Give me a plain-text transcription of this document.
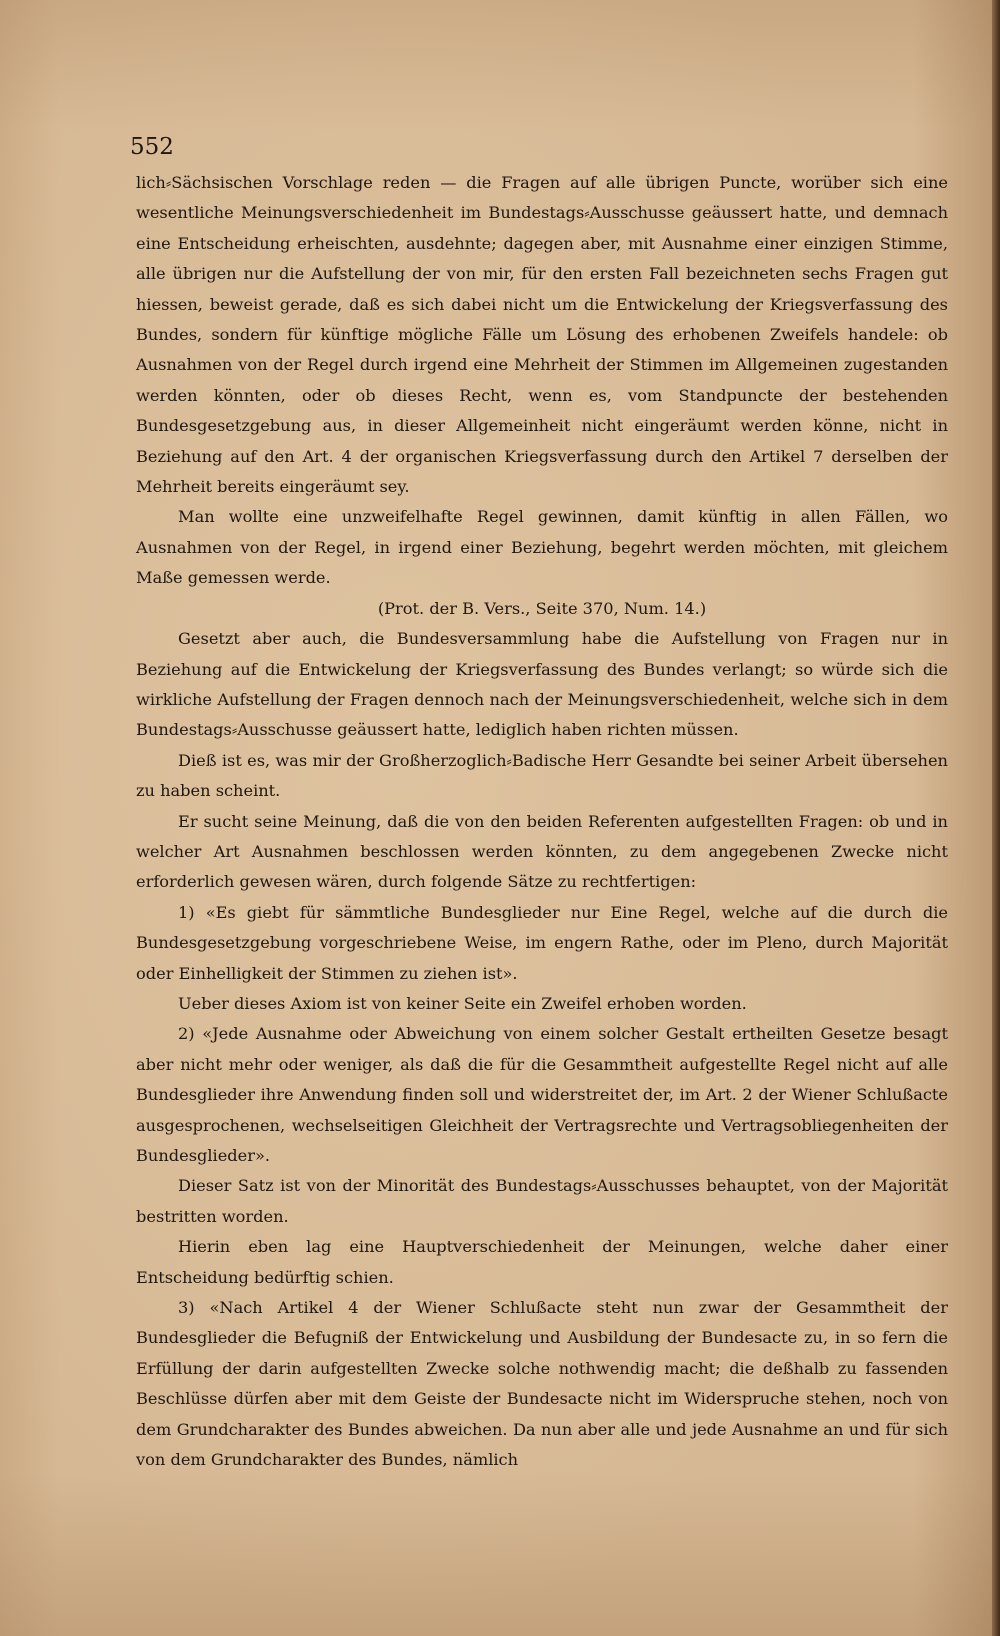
552

lich⸗Sächsischen Vorschlage reden — die Fragen auf alle übrigen Puncte, worüber sich eine wesentliche Meinungsverschiedenheit im Bundestags⸗Ausschusse geäussert hatte, und demnach eine Entscheidung erheischten, ausdehnte; dagegen aber, mit Ausnahme einer einzigen Stimme, alle übrigen nur die Aufstellung der von mir, für den ersten Fall bezeichneten sechs Fragen gut hiessen, beweist gerade, daß es sich dabei nicht um die Entwickelung der Kriegsverfassung des Bundes, sondern für künftige mögliche Fälle um Lösung des erhobenen Zweifels handele: ob Ausnahmen von der Regel durch irgend eine Mehrheit der Stimmen im Allgemeinen zugestanden werden könnten, oder ob dieses Recht, wenn es, vom Standpuncte der bestehenden Bundesgesetzgebung aus, in dieser Allgemeinheit nicht eingeräumt werden könne, nicht in Beziehung auf den Art. 4 der organischen Kriegsverfassung durch den Artikel 7 derselben der Mehrheit bereits eingeräumt sey.

Man wollte eine unzweifelhafte Regel gewinnen, damit künftig in allen Fällen, wo Ausnahmen von der Regel, in irgend einer Beziehung, begehrt werden möchten, mit gleichem Maße gemessen werde.

(Prot. der B. Vers., Seite 370, Num. 14.)

Gesetzt aber auch, die Bundesversammlung habe die Aufstellung von Fragen nur in Beziehung auf die Entwickelung der Kriegsverfassung des Bundes verlangt; so würde sich die wirkliche Aufstellung der Fragen dennoch nach der Meinungsverschiedenheit, welche sich in dem Bundestags⸗Ausschusse geäussert hatte, lediglich haben richten müssen.

Dieß ist es, was mir der Großherzoglich⸗Badische Herr Gesandte bei seiner Arbeit übersehen zu haben scheint.

Er sucht seine Meinung, daß die von den beiden Referenten aufgestellten Fragen: ob und in welcher Art Ausnahmen beschlossen werden könnten, zu dem angegebenen Zwecke nicht erforderlich gewesen wären, durch folgende Sätze zu rechtfertigen:

1) «Es giebt für sämmtliche Bundesglieder nur Eine Regel, welche auf die durch die Bundesgesetzgebung vorgeschriebene Weise, im engern Rathe, oder im Pleno, durch Majorität oder Einhelligkeit der Stimmen zu ziehen ist».

Ueber dieses Axiom ist von keiner Seite ein Zweifel erhoben worden.

2) «Jede Ausnahme oder Abweichung von einem solcher Gestalt ertheilten Gesetze besagt aber nicht mehr oder weniger, als daß die für die Gesammtheit aufgestellte Regel nicht auf alle Bundesglieder ihre Anwendung finden soll und widerstreitet der, im Art. 2 der Wiener Schlußacte ausgesprochenen, wechselseitigen Gleichheit der Vertragsrechte und Vertragsobliegenheiten der Bundesglieder».

Dieser Satz ist von der Minorität des Bundestags⸗Ausschusses behauptet, von der Majorität bestritten worden.

Hierin eben lag eine Hauptverschiedenheit der Meinungen, welche daher einer Entscheidung bedürftig schien.

3) «Nach Artikel 4 der Wiener Schlußacte steht nun zwar der Gesammtheit der Bundesglieder die Befugniß der Entwickelung und Ausbildung der Bundesacte zu, in so fern die Erfüllung der darin aufgestellten Zwecke solche nothwendig macht; die deßhalb zu fassenden Beschlüsse dürfen aber mit dem Geiste der Bundesacte nicht im Widerspruche stehen, noch von dem Grundcharakter des Bundes abweichen. Da nun aber alle und jede Ausnahme an und für sich von dem Grundcharakter des Bundes, nämlich
